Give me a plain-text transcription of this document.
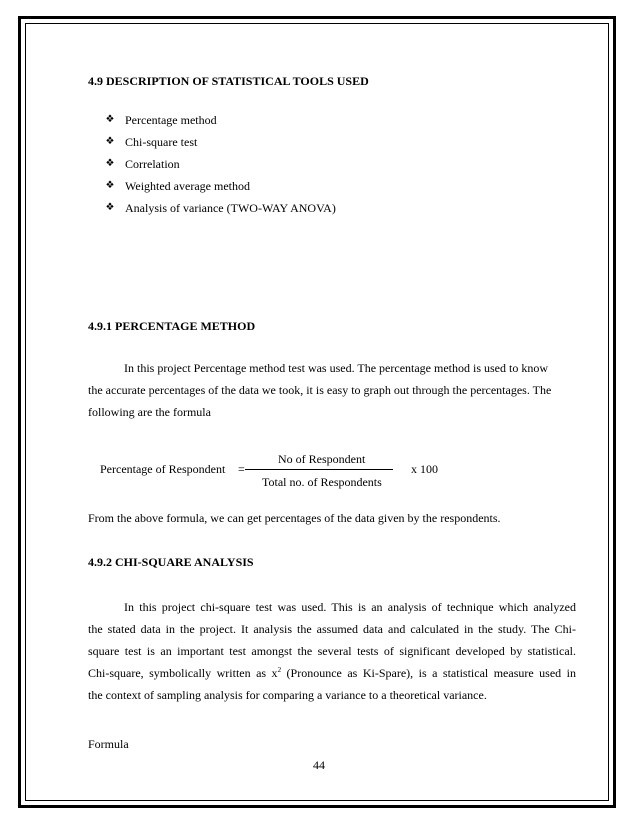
4.9 DESCRIPTION OF STATISTICAL TOOLS USED
❖ Percentage method
❖ Chi-square test
❖ Correlation
❖ Weighted average method
❖ Analysis of variance (TWO-WAY ANOVA)
4.9.1 PERCENTAGE METHOD
In this project Percentage method test was used. The percentage method is used to know
the accurate percentages of the data we took, it is easy to graph out through the percentages. The
following are the formula
Percentage of Respondent =
No of Respondent
Total no. of Respondents
x 100
From the above formula, we can get percentages of the data given by the respondents.
4.9.2 CHI-SQUARE ANALYSIS
In this project chi-square test was used. This is an analysis of technique which analyzed
the stated data in the project. It analysis the assumed data and calculated in the study. The Chi-
square test is an important test amongst the several tests of significant developed by statistical.
Chi-square, symbolically written as $x^2$ (Pronounce as Ki-Spare), is a statistical measure used in
the context of sampling analysis for comparing a variance to a theoretical variance.
Formula
44
